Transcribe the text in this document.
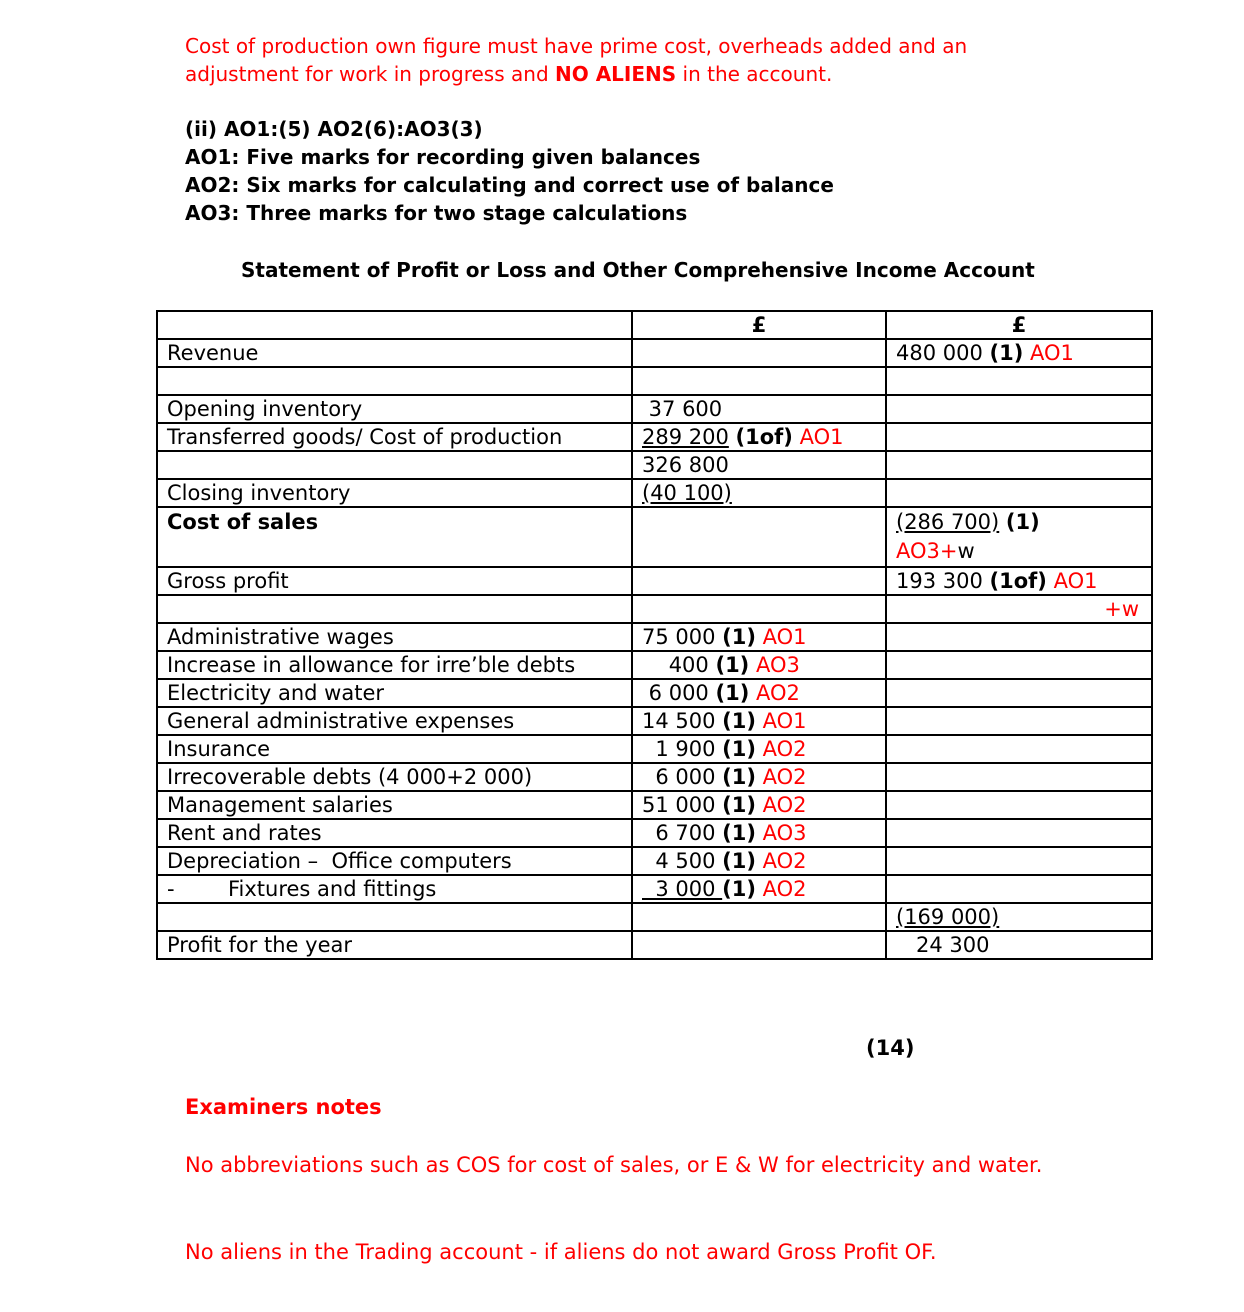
Cost of production own figure must have prime cost, overheads added and an
adjustment for work in progress and NO ALIENS in the account.
(ii) AO1:(5) AO2(6):AO3(3)
AO1: Five marks for recording given balances
AO2: Six marks for calculating and correct use of balance
AO3: Three marks for two stage calculations
Statement of Profit or Loss and Other Comprehensive Income Account
	£	£
Revenue		480 000 (1) AO1

Opening inventory	37 600	
Transferred goods/ Cost of production	289 200 (1of) AO1	
	326 800	
Closing inventory	(40 100)	
Cost of sales		(286 700) (1)
AO3+w
Gross profit		193 300 (1of) AO1
		+w
Administrative wages	75 000 (1) AO1	
Increase in allowance for irre’ble debts	400 (1) AO3	
Electricity and water	6 000 (1) AO2	
General administrative expenses	14 500 (1) AO1	
Insurance	1 900 (1) AO2	
Irrecoverable debts (4 000+2 000)	6 000 (1) AO2	
Management salaries	51 000 (1) AO2	
Rent and rates	6 700 (1) AO3	
Depreciation –  Office computers	4 500 (1) AO2	
-        Fixtures and fittings	3 000 (1) AO2	
		(169 000)
Profit for the year		24 300
(14)
Examiners notes
No abbreviations such as COS for cost of sales, or E & W for electricity and water.
No aliens in the Trading account - if aliens do not award Gross Profit OF.
